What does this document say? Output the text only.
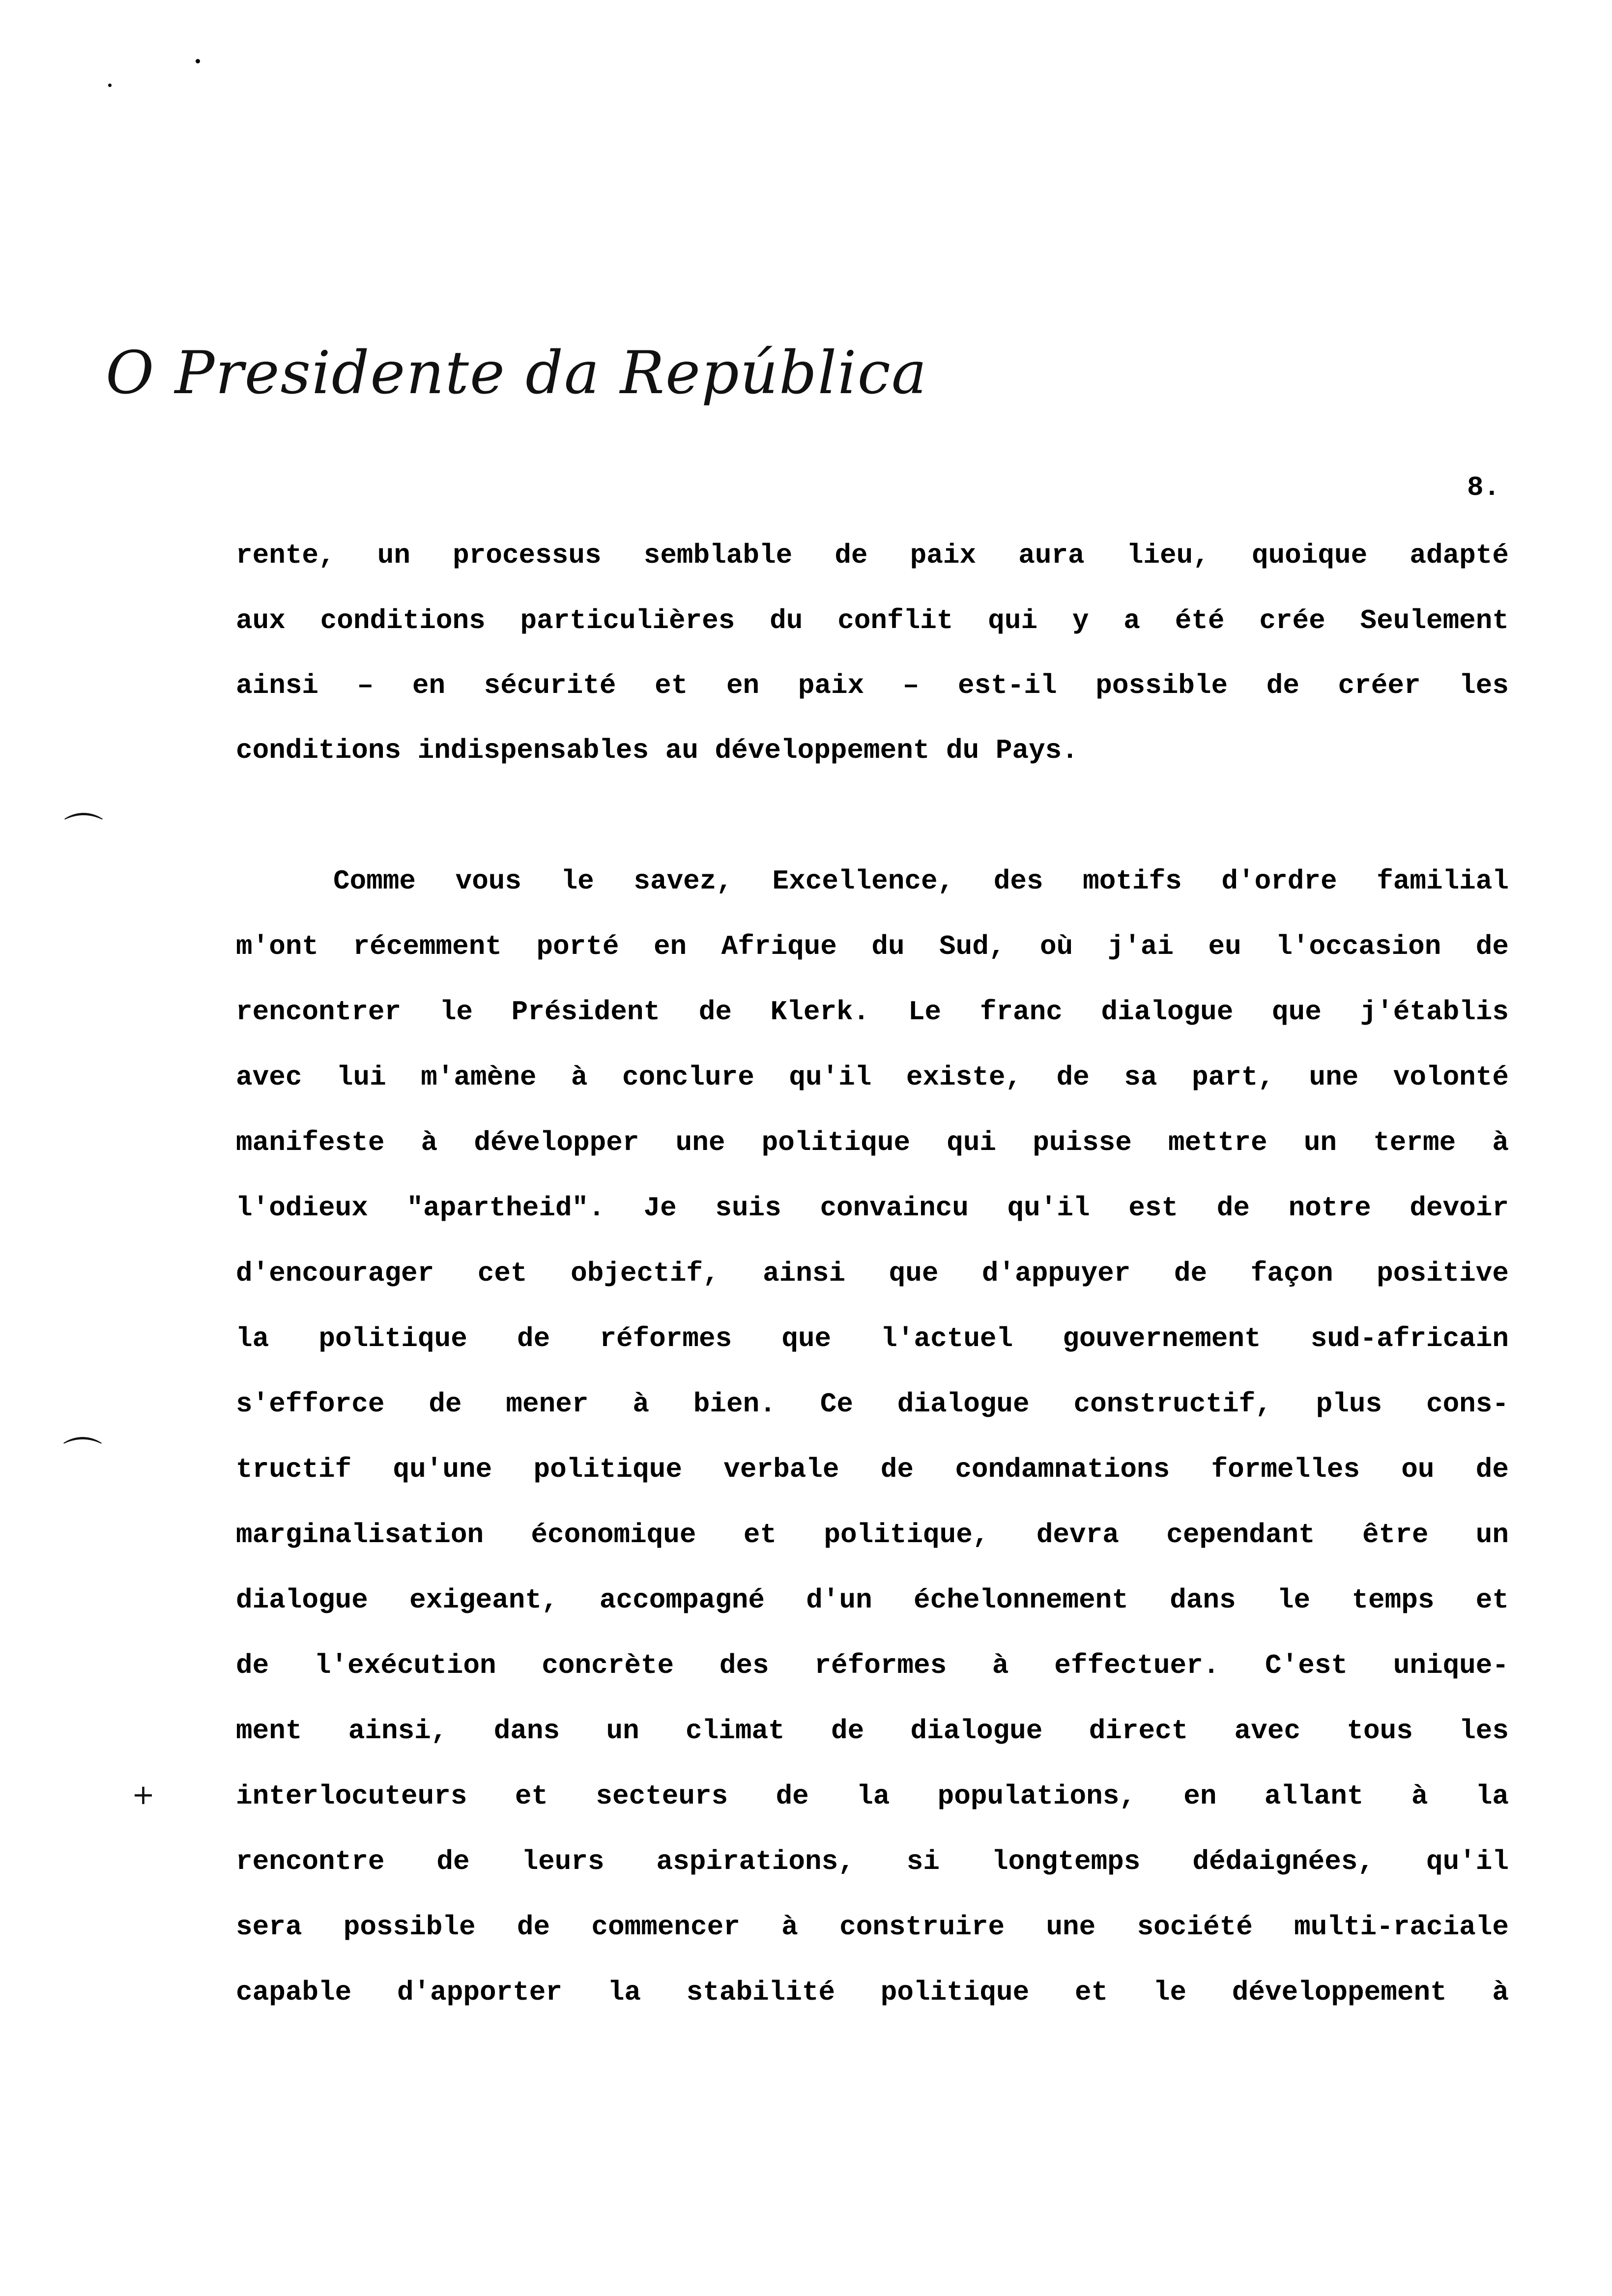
O Presidente da República
8.
⌒
⌒
+
rente, un processus semblable de paix aura lieu, quoique adapté
aux conditions particulières du conflit qui y a été crée Seulement
ainsi – en sécurité et en paix – est-il possible de créer les
conditions indispensables au développement du Pays.
Comme vous le savez, Excellence, des motifs d'ordre familial
m'ont récemment porté en Afrique du Sud, où j'ai eu l'occasion de
rencontrer le Président de Klerk. Le franc dialogue que j'établis
avec lui m'amène à conclure qu'il existe, de sa part, une volonté
manifeste à développer une politique qui puisse mettre un terme à
l'odieux "apartheid". Je suis convaincu qu'il est de notre devoir
d'encourager cet objectif, ainsi que d'appuyer de façon positive
la politique de réformes que l'actuel gouvernement sud-africain
s'efforce de mener à bien. Ce dialogue constructif, plus cons-
tructif qu'une politique verbale de condamnations formelles ou de
marginalisation économique et politique, devra cependant être un
dialogue exigeant, accompagné d'un échelonnement dans le temps et
de l'exécution concrète des réformes à effectuer. C'est unique-
ment ainsi, dans un climat de dialogue direct avec tous les
interlocuteurs et secteurs de la populations, en allant à la
rencontre de leurs aspirations, si longtemps dédaignées, qu'il
sera possible de commencer à construire une société multi-raciale
capable d'apporter la stabilité politique et le développement à
